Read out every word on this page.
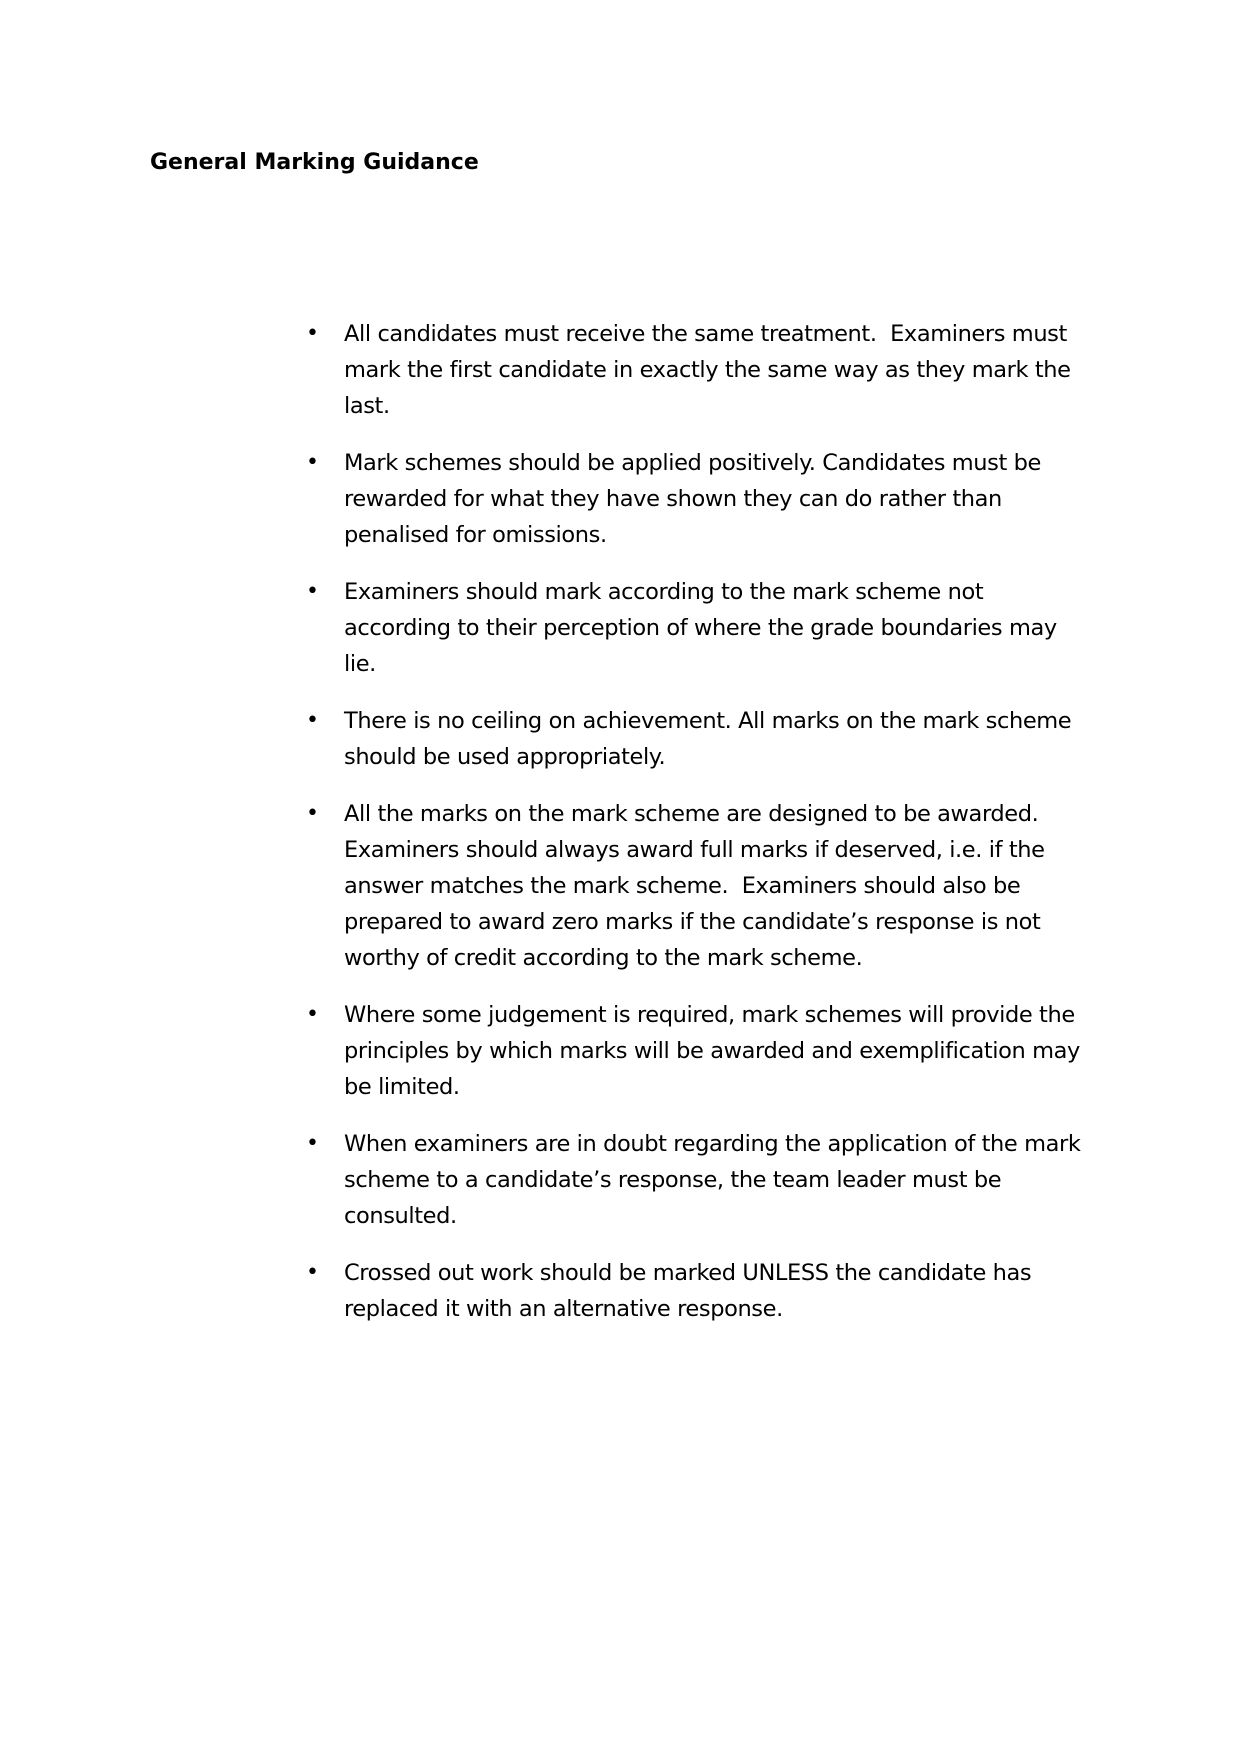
General Marking Guidance
•	All candidates must receive the same treatment.  Examiners must mark the first candidate in exactly the same way as they mark the last.
•	Mark schemes should be applied positively. Candidates must be rewarded for what they have shown they can do rather than penalised for omissions.
•	Examiners should mark according to the mark scheme not according to their perception of where the grade boundaries may lie.
•	There is no ceiling on achievement. All marks on the mark scheme should be used appropriately.
•	All the marks on the mark scheme are designed to be awarded. Examiners should always award full marks if deserved, i.e. if the answer matches the mark scheme.  Examiners should also be prepared to award zero marks if the candidate’s response is not worthy of credit according to the mark scheme.
•	Where some judgement is required, mark schemes will provide the principles by which marks will be awarded and exemplification may be limited.
•	When examiners are in doubt regarding the application of the mark scheme to a candidate’s response, the team leader must be consulted.
•	Crossed out work should be marked UNLESS the candidate has replaced it with an alternative response.
